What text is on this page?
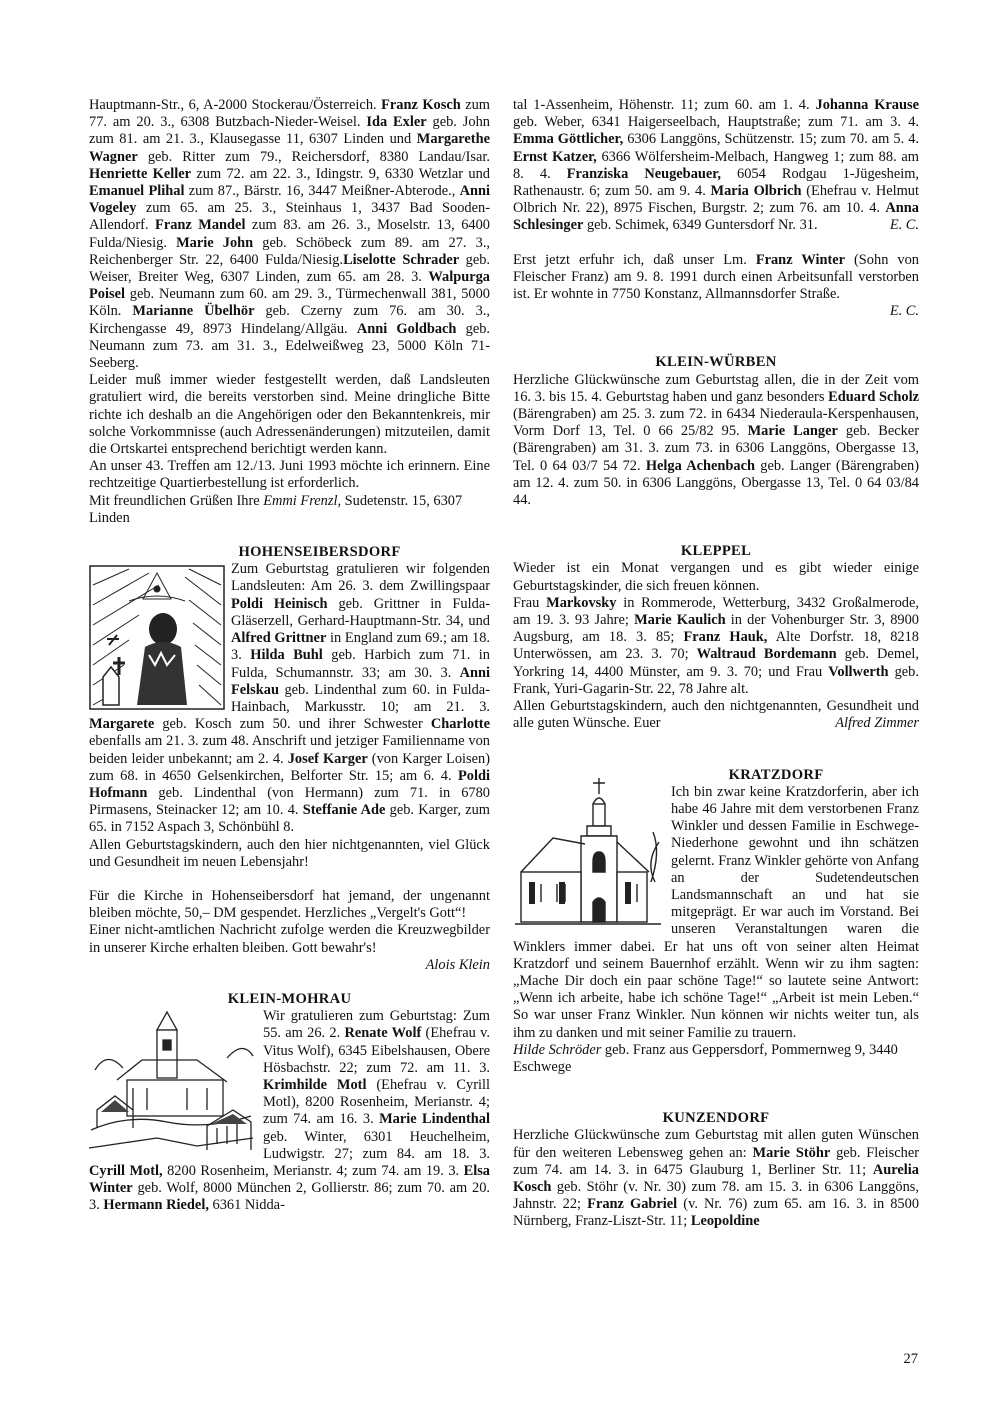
Hauptmann-Str., 6, A-2000 Stockerau/Österreich. Franz Kosch zum 77. am 20. 3., 6308 Butzbach-Nieder-Weisel. Ida Exler geb. John zum 81. am 21. 3., Klausegasse 11, 6307 Linden und Margarethe Wagner geb. Ritter zum 79., Reichersdorf, 8380 Landau/Isar. Henriette Keller zum 72. am 22. 3., Idingstr. 9, 6330 Wetzlar und Emanuel Plihal zum 87., Bärstr. 16, 3447 Meißner-Abterode., Anni Vogeley zum 65. am 25. 3., Steinhaus 1, 3437 Bad Sooden-Allendorf. Franz Mandel zum 83. am 26. 3., Moselstr. 13, 6400 Fulda/Niesig. Marie John geb. Schöbeck zum 89. am 27. 3., Reichenberger Str. 22, 6400 Fulda/Niesig.Liselotte Schrader geb. Weiser, Breiter Weg, 6307 Linden, zum 65. am 28. 3. Walpurga Poisel geb. Neumann zum 60. am 29. 3., Türmechenwall 381, 5000 Köln. Marianne Übelhör geb. Czerny zum 76. am 30. 3., Kirchengasse 49, 8973 Hindelang/Allgäu. Anni Goldbach geb. Neumann zum 73. am 31. 3., Edelweißweg 23, 5000 Köln 71-Seeberg.

Leider muß immer wieder festgestellt werden, daß Landsleuten gratuliert wird, die bereits verstorben sind. Meine dringliche Bitte richte ich deshalb an die Angehörigen oder den Bekanntenkreis, mir solche Vorkommnisse (auch Adressenänderungen) mitzuteilen, damit die Ortskartei entsprechend berichtigt werden kann.

An unser 43. Treffen am 12./13. Juni 1993 möchte ich erinnern. Eine rechtzeitige Quartierbestellung ist erforderlich.

Mit freundlichen Grüßen Ihre Emmi Frenzl, Sudetenstr. 15, 6307 Linden

HOHENSEIBERSDORF

Zum Geburtstag gratulieren wir folgenden Landsleuten: Am 26. 3. dem Zwillingspaar Poldi Heinisch geb. Grittner in Fulda-Gläserzell, Gerhard-Hauptmann-Str. 34, und Alfred Grittner in England zum 69.; am 18. 3. Hilda Buhl geb. Harbich zum 71. in Fulda, Schumannstr. 33; am 30. 3. Anni Felskau geb. Lindenthal zum 60. in Fulda-Hainbach, Markusstr. 10; am 21. 3. Margarete geb. Kosch zum 50. und ihrer Schwester Charlotte ebenfalls am 21. 3. zum 48. Anschrift und jetziger Familienname von beiden leider unbekannt; am 2. 4. Josef Karger (von Karger Loisen) zum 68. in 4650 Gelsenkirchen, Belforter Str. 15; am 6. 4. Poldi Hofmann geb. Lindenthal (von Hermann) zum 71. in 6780 Pirmasens, Steinacker 12; am 10. 4. Steffanie Ade geb. Karger, zum 65. in 7152 Aspach 3, Schönbühl 8.

Allen Geburtstagskindern, auch den hier nichtgenannten, viel Glück und Gesundheit im neuen Lebensjahr!

Für die Kirche in Hohenseibersdorf hat jemand, der ungenannt bleiben möchte, 50,– DM gespendet. Herzliches „Vergelt's Gott“!

Einer nicht-amtlichen Nachricht zufolge werden die Kreuzwegbilder in unserer Kirche erhalten bleiben. Gott bewahr's!

Alois Klein

KLEIN-MOHRAU

Wir gratulieren zum Geburtstag: Zum 55. am 26. 2. Renate Wolf (Ehefrau v. Vitus Wolf), 6345 Eibelshausen, Obere Hösbachstr. 22; zum 72. am 11. 3. Krimhilde Motl (Ehefrau v. Cyrill Motl), 8200 Rosenheim, Merianstr. 4; zum 74. am 16. 3. Marie Lindenthal geb. Winter, 6301 Heuchelheim, Ludwigstr. 27; zum 84. am 18. 3. Cyrill Motl, 8200 Rosenheim, Merianstr. 4; zum 74. am 19. 3. Elsa Winter geb. Wolf, 8000 München 2, Gollierstr. 86; zum 70. am 20. 3. Hermann Riedel, 6361 Nidda-

tal 1-Assenheim, Höhenstr. 11; zum 60. am 1. 4. Johanna Krause geb. Weber, 6341 Haigerseelbach, Hauptstraße; zum 71. am 3. 4. Emma Göttlicher, 6306 Langgöns, Schützenstr. 15; zum 70. am 5. 4. Ernst Katzer, 6366 Wölfersheim-Melbach, Hangweg 1; zum 88. am 8. 4. Franziska Neugebauer, 6054 Rodgau 1-Jügesheim, Rathenaustr. 6; zum 50. am 9. 4. Maria Olbrich (Ehefrau v. Helmut Olbrich Nr. 22), 8975 Fischen, Burgstr. 2; zum 76. am 10. 4. Anna Schlesinger geb. Schimek, 6349 Guntersdorf Nr. 31.	E. C.

Erst jetzt erfuhr ich, daß unser Lm. Franz Winter (Sohn von Fleischer Franz) am 9. 8. 1991 durch einen Arbeitsunfall verstorben ist. Er wohnte in 7750 Konstanz, Allmannsdorfer Straße.

E. C.

KLEIN-WÜRBEN

Herzliche Glückwünsche zum Geburtstag allen, die in der Zeit vom 16. 3. bis 15. 4. Geburtstag haben und ganz besonders Eduard Scholz (Bärengraben) am 25. 3. zum 72. in 6434 Niederaula-Kerspenhausen, Vorm Dorf 13, Tel. 0 66 25/82 95. Marie Langer geb. Becker (Bärengraben) am 31. 3. zum 73. in 6306 Langgöns, Obergasse 13, Tel. 0 64 03/7 54 72. Helga Achenbach geb. Langer (Bärengraben) am 12. 4. zum 50. in 6306 Langgöns, Obergasse 13, Tel. 0 64 03/84 44.

KLEPPEL

Wieder ist ein Monat vergangen und es gibt wieder einige Geburtstagskinder, die sich freuen können.

Frau Markovsky in Rommerode, Wetterburg, 3432 Großalmerode, am 19. 3. 93 Jahre; Marie Kaulich in der Vohenburger Str. 3, 8900 Augsburg, am 18. 3. 85; Franz Hauk, Alte Dorfstr. 18, 8218 Unterwössen, am 23. 3. 70; Waltraud Bordemann geb. Demel, Yorkring 14, 4400 Münster, am 9. 3. 70; und Frau Vollwerth geb. Frank, Yuri-Gagarin-Str. 22, 78 Jahre alt.

Allen Geburtstagskindern, auch den nichtgenannten, Gesundheit und alle guten Wünsche. Euer	Alfred Zimmer

KRATZDORF

Ich bin zwar keine Kratzdorferin, aber ich habe 46 Jahre mit dem verstorbenen Franz Winkler und dessen Familie in Eschwege-Niederhone gewohnt und ihn schätzen gelernt. Franz Winkler gehörte von Anfang an der Sudetendeutschen Landsmannschaft an und hat sie mitgeprägt. Er war auch im Vorstand. Bei unseren Veranstaltungen waren die Winklers immer dabei. Er hat uns oft von seiner alten Heimat Kratzdorf und seinem Bauernhof erzählt. Wenn wir zu ihm sagten: „Mache Dir doch ein paar schöne Tage!“ so lautete seine Antwort: „Wenn ich arbeite, habe ich schöne Tage!“ „Arbeit ist mein Leben.“ So war unser Franz Winkler. Nun können wir nichts weiter tun, als ihm zu danken und mit seiner Familie zu trauern.

Hilde Schröder geb. Franz aus Geppersdorf, Pommernweg 9, 3440 Eschwege

KUNZENDORF

Herzliche Glückwünsche zum Geburtstag mit allen guten Wünschen für den weiteren Lebensweg gehen an: Marie Stöhr geb. Fleischer zum 74. am 14. 3. in 6475 Glauburg 1, Berliner Str. 11; Aurelia Kosch geb. Stöhr (v. Nr. 30) zum 78. am 15. 3. in 6306 Langgöns, Jahnstr. 22; Franz Gabriel (v. Nr. 76) zum 65. am 16. 3. in 8500 Nürnberg, Franz-Liszt-Str. 11; Leopoldine

27
